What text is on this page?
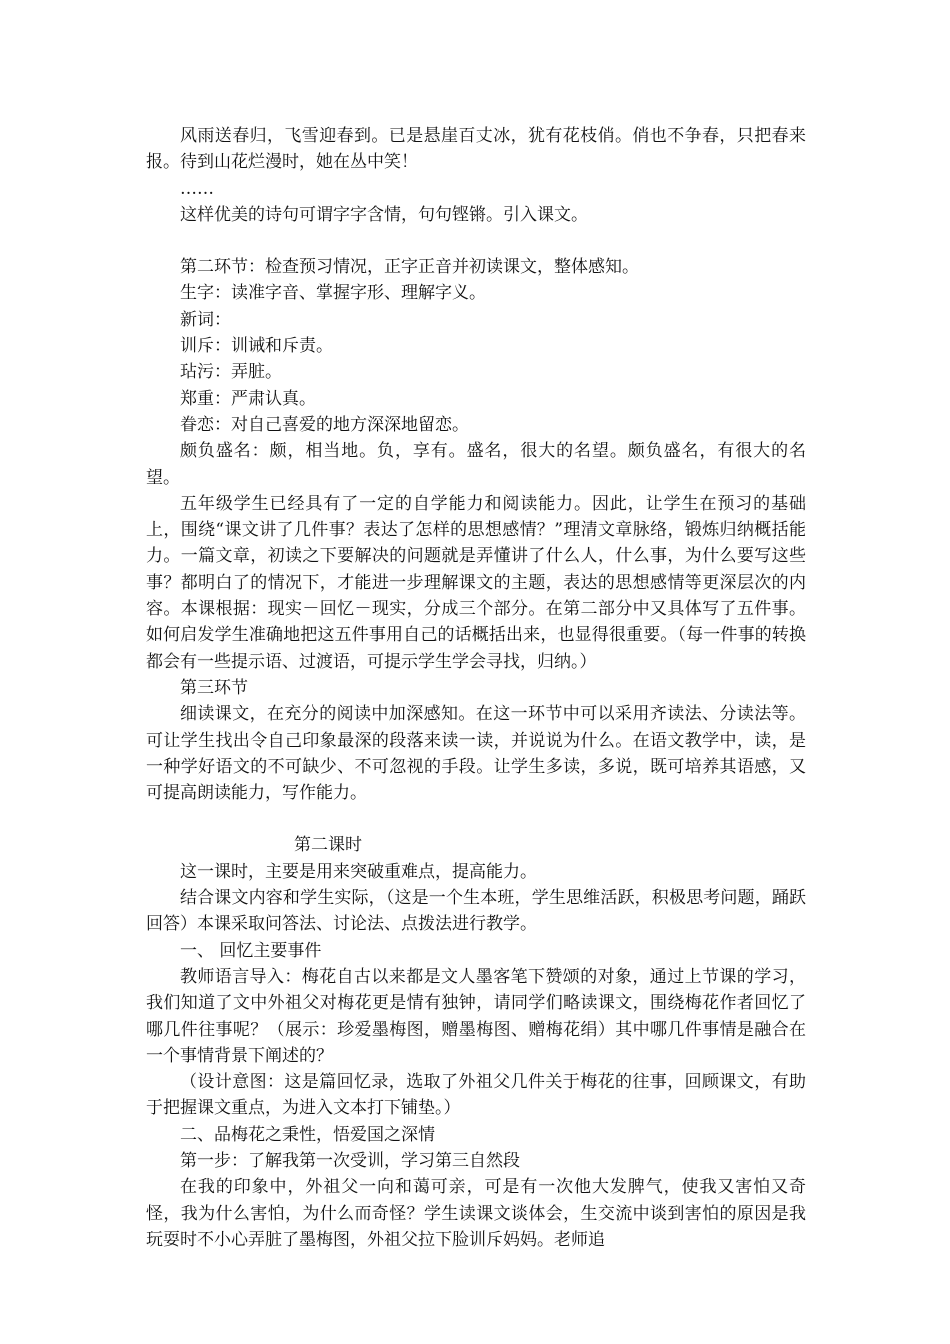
风雨送春归，飞雪迎春到。已是悬崖百丈冰，犹有花枝俏。俏也不争春，只把春来报。待到山花烂漫时，她在丛中笑！

……

这样优美的诗句可谓字字含情，句句铿锵。引入课文。

第二环节：检查预习情况，正字正音并初读课文，整体感知。

生字：读准字音、掌握字形、理解字义。

新词：

训斥：训诫和斥责。

玷污：弄脏。

郑重：严肃认真。

眷恋：对自己喜爱的地方深深地留恋。

颇负盛名：颇，相当地。负，享有。盛名，很大的名望。颇负盛名，有很大的名望。

五年级学生已经具有了一定的自学能力和阅读能力。因此，让学生在预习的基础上，围绕“课文讲了几件事？表达了怎样的思想感情？”理清文章脉络，锻炼归纳概括能力。一篇文章，初读之下要解决的问题就是弄懂讲了什么人，什么事，为什么要写这些事？都明白了的情况下，才能进一步理解课文的主题，表达的思想感情等更深层次的内容。本课根据：现实－回忆－现实，分成三个部分。在第二部分中又具体写了五件事。如何启发学生准确地把这五件事用自己的话概括出来，也显得很重要。（每一件事的转换都会有一些提示语、过渡语，可提示学生学会寻找，归纳。）

第三环节

细读课文，在充分的阅读中加深感知。在这一环节中可以采用齐读法、分读法等。可让学生找出令自己印象最深的段落来读一读，并说说为什么。在语文教学中，读，是一种学好语文的不可缺少、不可忽视的手段。让学生多读，多说，既可培养其语感，又可提高朗读能力，写作能力。

第二课时

这一课时，主要是用来突破重难点，提高能力。

结合课文内容和学生实际，（这是一个生本班，学生思维活跃，积极思考问题，踊跃回答）本课采取问答法、讨论法、点拨法进行教学。

一、 回忆主要事件

教师语言导入：梅花自古以来都是文人墨客笔下赞颂的对象，通过上节课的学习，我们知道了文中外祖父对梅花更是情有独钟，请同学们略读课文，围绕梅花作者回忆了哪几件往事呢？（展示：珍爱墨梅图，赠墨梅图、赠梅花绢）其中哪几件事情是融合在一个事情背景下阐述的？

（设计意图：这是篇回忆录，选取了外祖父几件关于梅花的往事，回顾课文，有助于把握课文重点，为进入文本打下铺垫。）

二、品梅花之秉性，悟爱国之深情

第一步：了解我第一次受训，学习第三自然段

在我的印象中，外祖父一向和蔼可亲，可是有一次他大发脾气，使我又害怕又奇怪，我为什么害怕，为什么而奇怪？学生读课文谈体会，生交流中谈到害怕的原因是我玩耍时不小心弄脏了墨梅图，外祖父拉下脸训斥妈妈。老师追
